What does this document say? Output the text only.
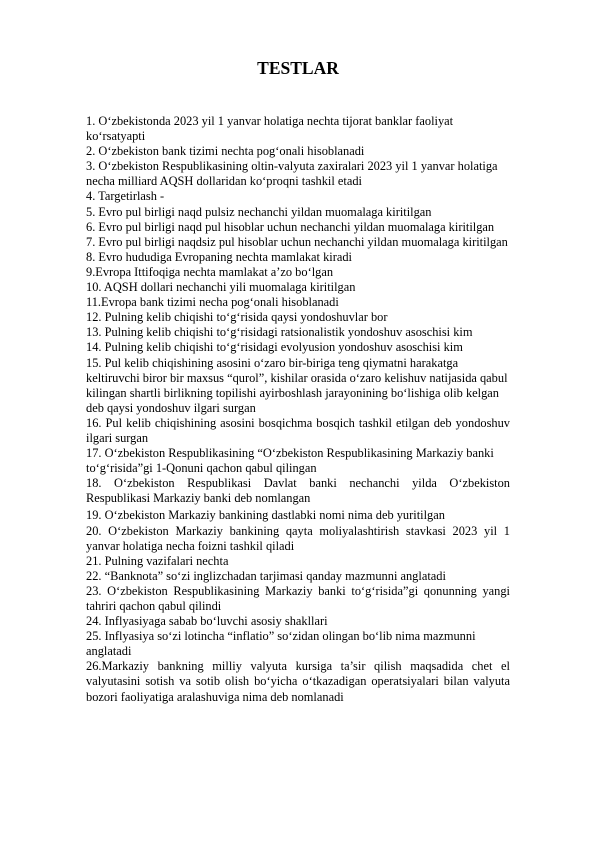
TESTLAR
1. O‘zbekistonda 2023 yil 1 yanvar holatiga nechta tijorat banklar faoliyat ko‘rsatyapti
2. O‘zbekiston bank tizimi nechta pog‘onali hisoblanadi
3. O‘zbekiston Respublikasining oltin-valyuta zaxiralari 2023 yil 1 yanvar holatiga necha milliard AQSH dollaridan ko‘proqni tashkil etadi
4. Targetirlash -
5. Evro pul birligi naqd pulsiz nechanchi yildan muomalaga kiritilgan
6. Evro pul birligi naqd pul hisoblar uchun nechanchi yildan muomalaga kiritilgan
7. Evro pul birligi naqdsiz pul hisoblar uchun nechanchi yildan muomalaga kiritilgan
8. Evro hududiga Evropaning nechta mamlakat kiradi
9.Evropa Ittifoqiga nechta mamlakat a’zo bo‘lgan
10. AQSH dollari nechanchi yili muomalaga kiritilgan
11.Evropa bank tizimi necha pog‘onali hisoblanadi
12. Pulning kelib chiqishi to‘g‘risida qaysi yondoshuvlar bor
13. Pulning kelib chiqishi to‘g‘risidagi ratsionalistik yondoshuv asoschisi kim
14. Pulning kelib chiqishi to‘g‘risidagi evolyusion yondoshuv asoschisi kim
15. Pul kelib chiqishining asosini o‘zaro bir-biriga teng qiymatni harakatga keltiruvchi biror bir maxsus “qurol”, kishilar orasida o‘zaro kelishuv natijasida qabul kilingan shartli birlikning topilishi ayirboshlash jarayonining bo‘lishiga olib kelgan deb qaysi yondoshuv ilgari surgan
16. Pul kelib chiqishining asosini bosqichma bosqich tashkil etilgan deb yondoshuv ilgari surgan
17. O‘zbekiston Respublikasining “O‘zbekiston Respublikasining Markaziy banki to‘g‘risida”gi 1-Qonuni qachon qabul qilingan
18. O‘zbekiston Respublikasi Davlat banki nechanchi yilda O‘zbekiston Respublikasi Markaziy banki deb nomlangan
19. O‘zbekiston Markaziy bankining dastlabki nomi nima deb yuritilgan
20. O‘zbekiston Markaziy bankining qayta moliyalashtirish stavkasi 2023 yil 1 yanvar holatiga necha foizni tashkil qiladi
21. Pulning vazifalari nechta
22. “Banknota” so‘zi inglizchadan tarjimasi qanday mazmunni anglatadi
23. O‘zbekiston Respublikasining Markaziy banki to‘g‘risida”gi qonunning yangi tahriri qachon qabul qilindi
24. Inflyasiyaga sabab bo‘luvchi asosiy shakllari
25. Inflyasiya so‘zi lotincha “inflatio” so‘zidan olingan bo‘lib nima mazmunni anglatadi
26.Markaziy bankning milliy valyuta kursiga ta’sir qilish maqsadida chet el valyutasini sotish va sotib olish bo‘yicha o‘tkazadigan operatsiyalari bilan valyuta bozori faoliyatiga aralashuviga nima deb nomlanadi
